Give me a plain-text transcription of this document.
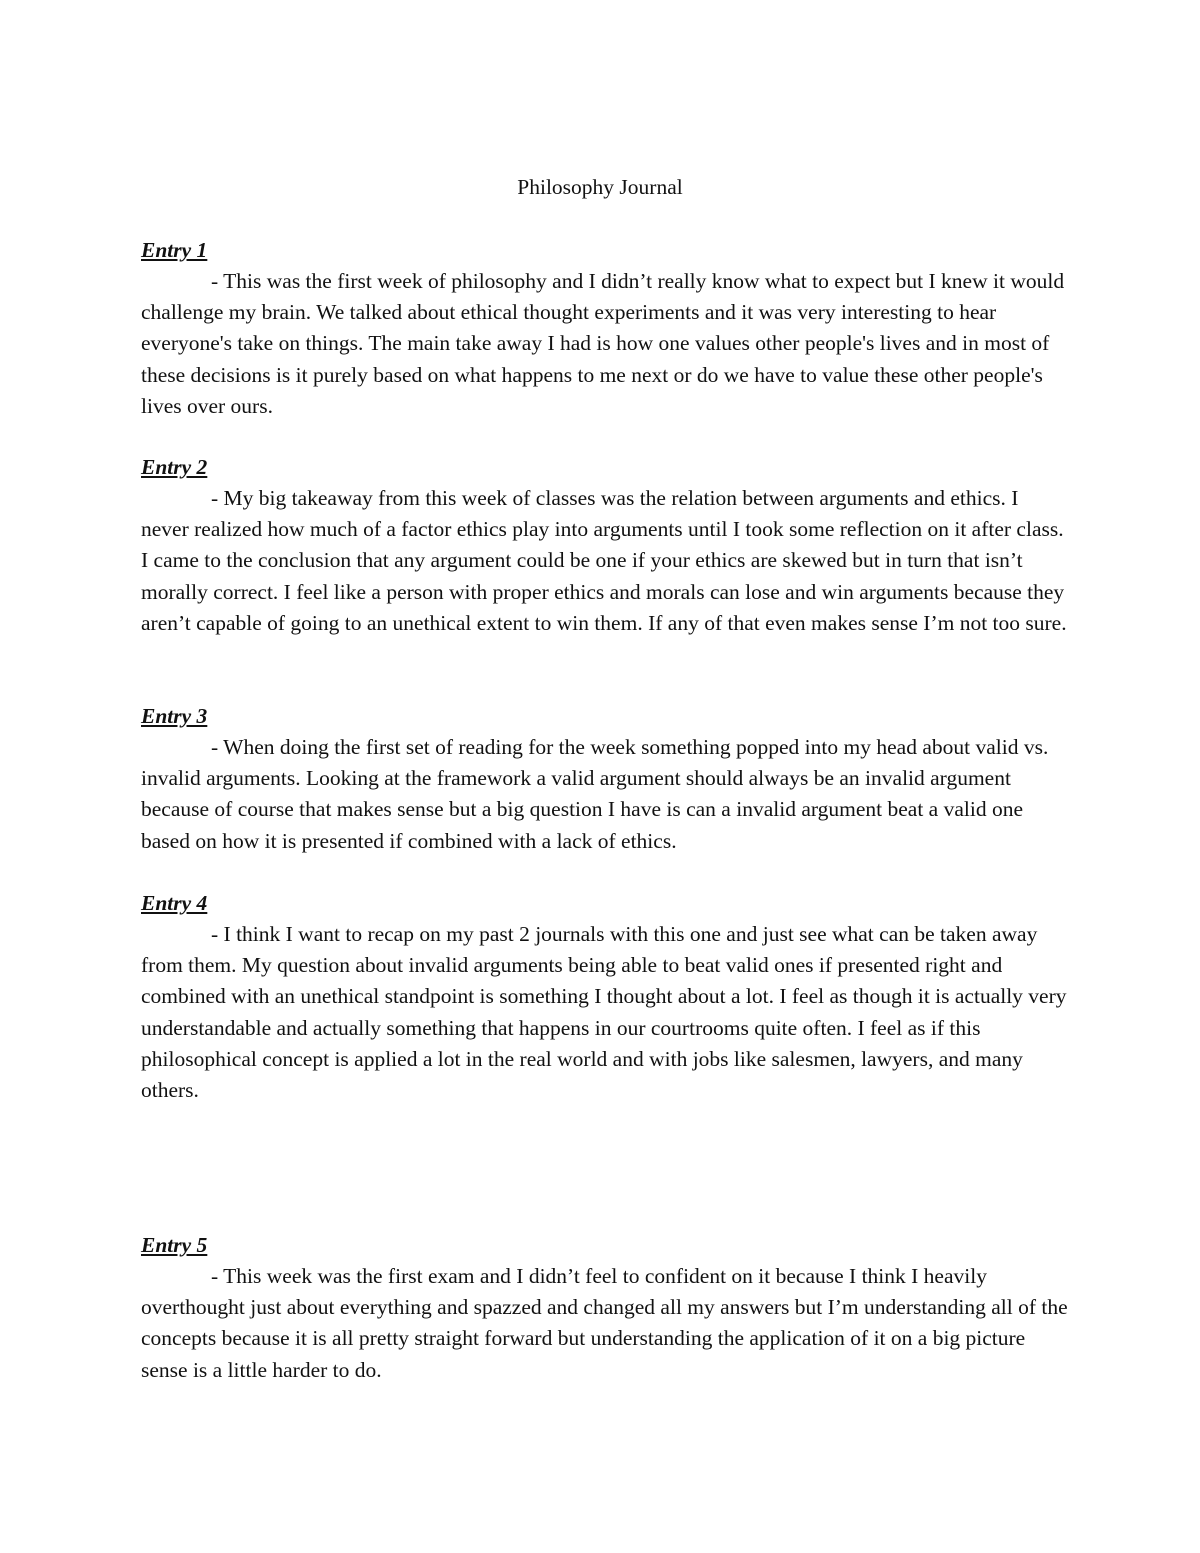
Philosophy Journal
Entry 1

- This was the first week of philosophy and I didn’t really know what to expect but I knew it would challenge my brain. We talked about ethical thought experiments and it was very interesting to hear everyone's take on things. The main take away I had is how one values other people's lives and in most of these decisions is it purely based on what happens to me next or do we have to value these other people's lives over ours.

Entry 2

- My big takeaway from this week of classes was the relation between arguments and ethics. I never realized how much of a factor ethics play into arguments until I took some reflection on it after class. I came to the conclusion that any argument could be one if your ethics are skewed but in turn that isn’t morally correct. I feel like a person with proper ethics and morals can lose and win arguments because they aren’t capable of going to an unethical extent to win them. If any of that even makes sense I’m not too sure.

Entry 3

- When doing the first set of reading for the week something popped into my head about valid vs. invalid arguments. Looking at the framework a valid argument should always be an invalid argument because of course that makes sense but a big question I have is can a invalid argument beat a valid one based on how it is presented if combined with a lack of ethics.

Entry 4

- I think I want to recap on my past 2 journals with this one and just see what can be taken away from them. My question about invalid arguments being able to beat valid ones if presented right and combined with an unethical standpoint is something I thought about a lot. I feel as though it is actually very understandable and actually something that happens in our courtrooms quite often. I feel as if this philosophical concept is applied a lot in the real world and with jobs like salesmen, lawyers, and many others.

Entry 5

- This week was the first exam and I didn’t feel to confident on it because I think I heavily overthought just about everything and spazzed and changed all my answers but I’m understanding all of the concepts because it is all pretty straight forward but understanding the application of it on a big picture sense is a little harder to do.
